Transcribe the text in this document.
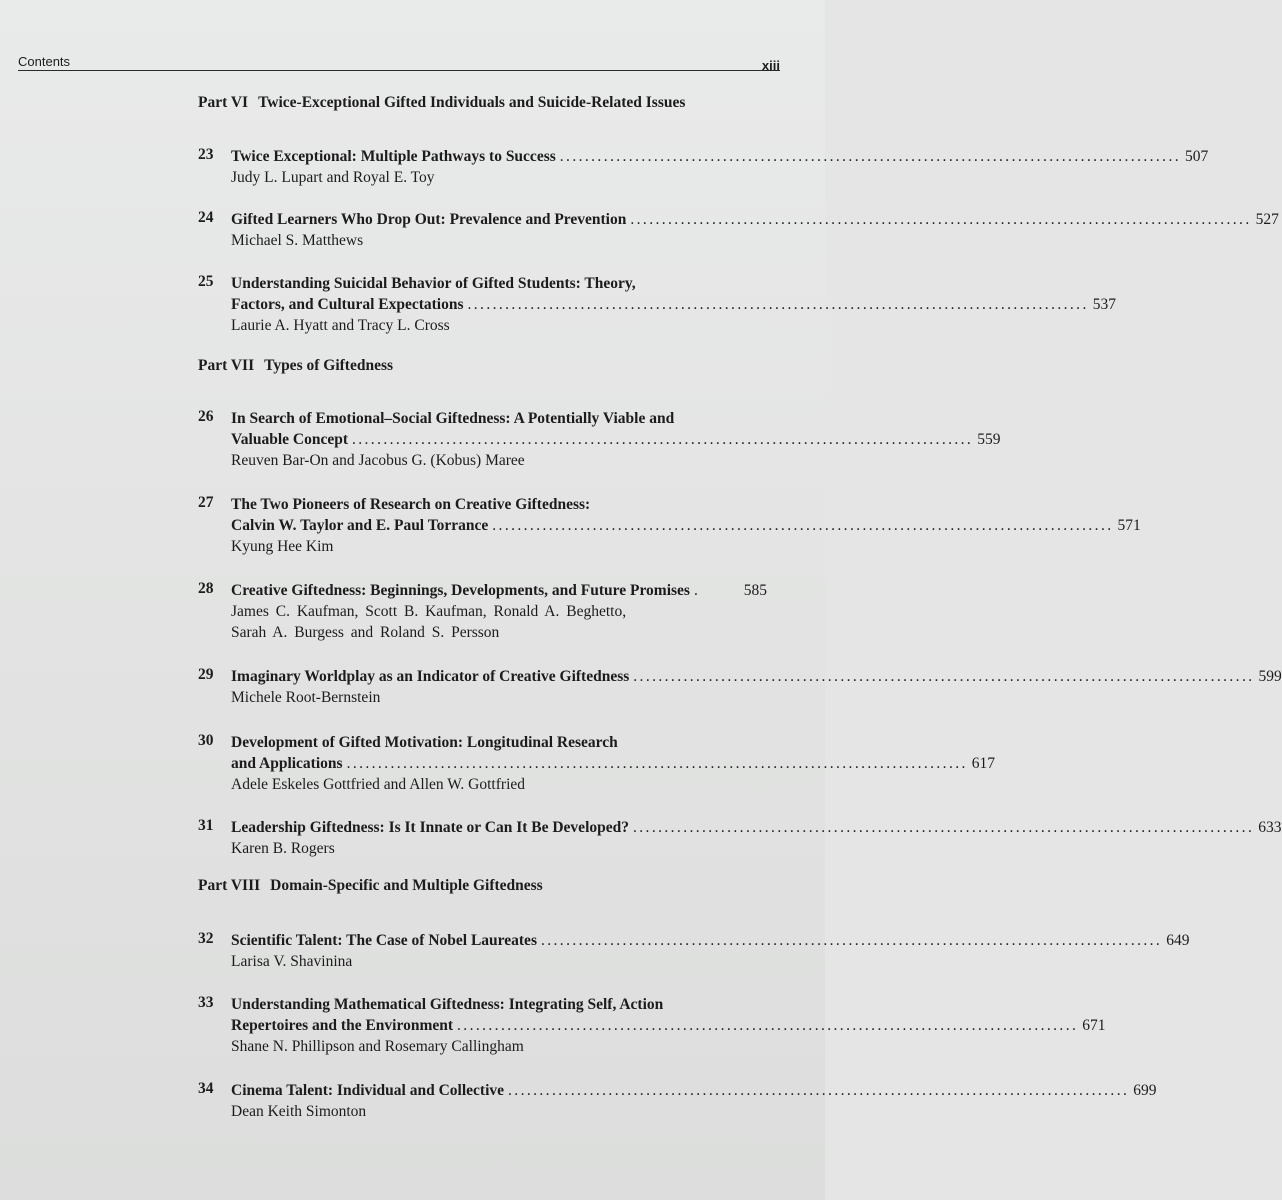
Contents	xiii
Part VI Twice-Exceptional Gifted Individuals and Suicide-Related Issues
23	Twice Exceptional: Multiple Pathways to Success ................................................................................................... 507
Judy L. Lupart and Royal E. Toy
24	Gifted Learners Who Drop Out: Prevalence and Prevention ................................................................................................... 527
Michael S. Matthews
25	Understanding Suicidal Behavior of Gifted Students: Theory,
Factors, and Cultural Expectations ................................................................................................... 537
Laurie A. Hyatt and Tracy L. Cross
Part VII Types of Giftedness
26	In Search of Emotional–Social Giftedness: A Potentially Viable and
Valuable Concept ................................................................................................... 559
Reuven Bar-On and Jacobus G. (Kobus) Maree
27	The Two Pioneers of Research on Creative Giftedness:
Calvin W. Taylor and E. Paul Torrance ................................................................................................... 571
Kyung Hee Kim
28	Creative Giftedness: Beginnings, Developments, and Future Promises .	585
James C. Kaufman, Scott B. Kaufman, Ronald A. Beghetto,
Sarah A. Burgess and Roland S. Persson
29	Imaginary Worldplay as an Indicator of Creative Giftedness ................................................................................................... 599
Michele Root-Bernstein
30	Development of Gifted Motivation: Longitudinal Research
and Applications ................................................................................................... 617
Adele Eskeles Gottfried and Allen W. Gottfried
31	Leadership Giftedness: Is It Innate or Can It Be Developed? ................................................................................................... 633
Karen B. Rogers
Part VIII Domain-Specific and Multiple Giftedness
32	Scientific Talent: The Case of Nobel Laureates ................................................................................................... 649
Larisa V. Shavinina
33	Understanding Mathematical Giftedness: Integrating Self, Action
Repertoires and the Environment ................................................................................................... 671
Shane N. Phillipson and Rosemary Callingham
34	Cinema Talent: Individual and Collective ................................................................................................... 699
Dean Keith Simonton
